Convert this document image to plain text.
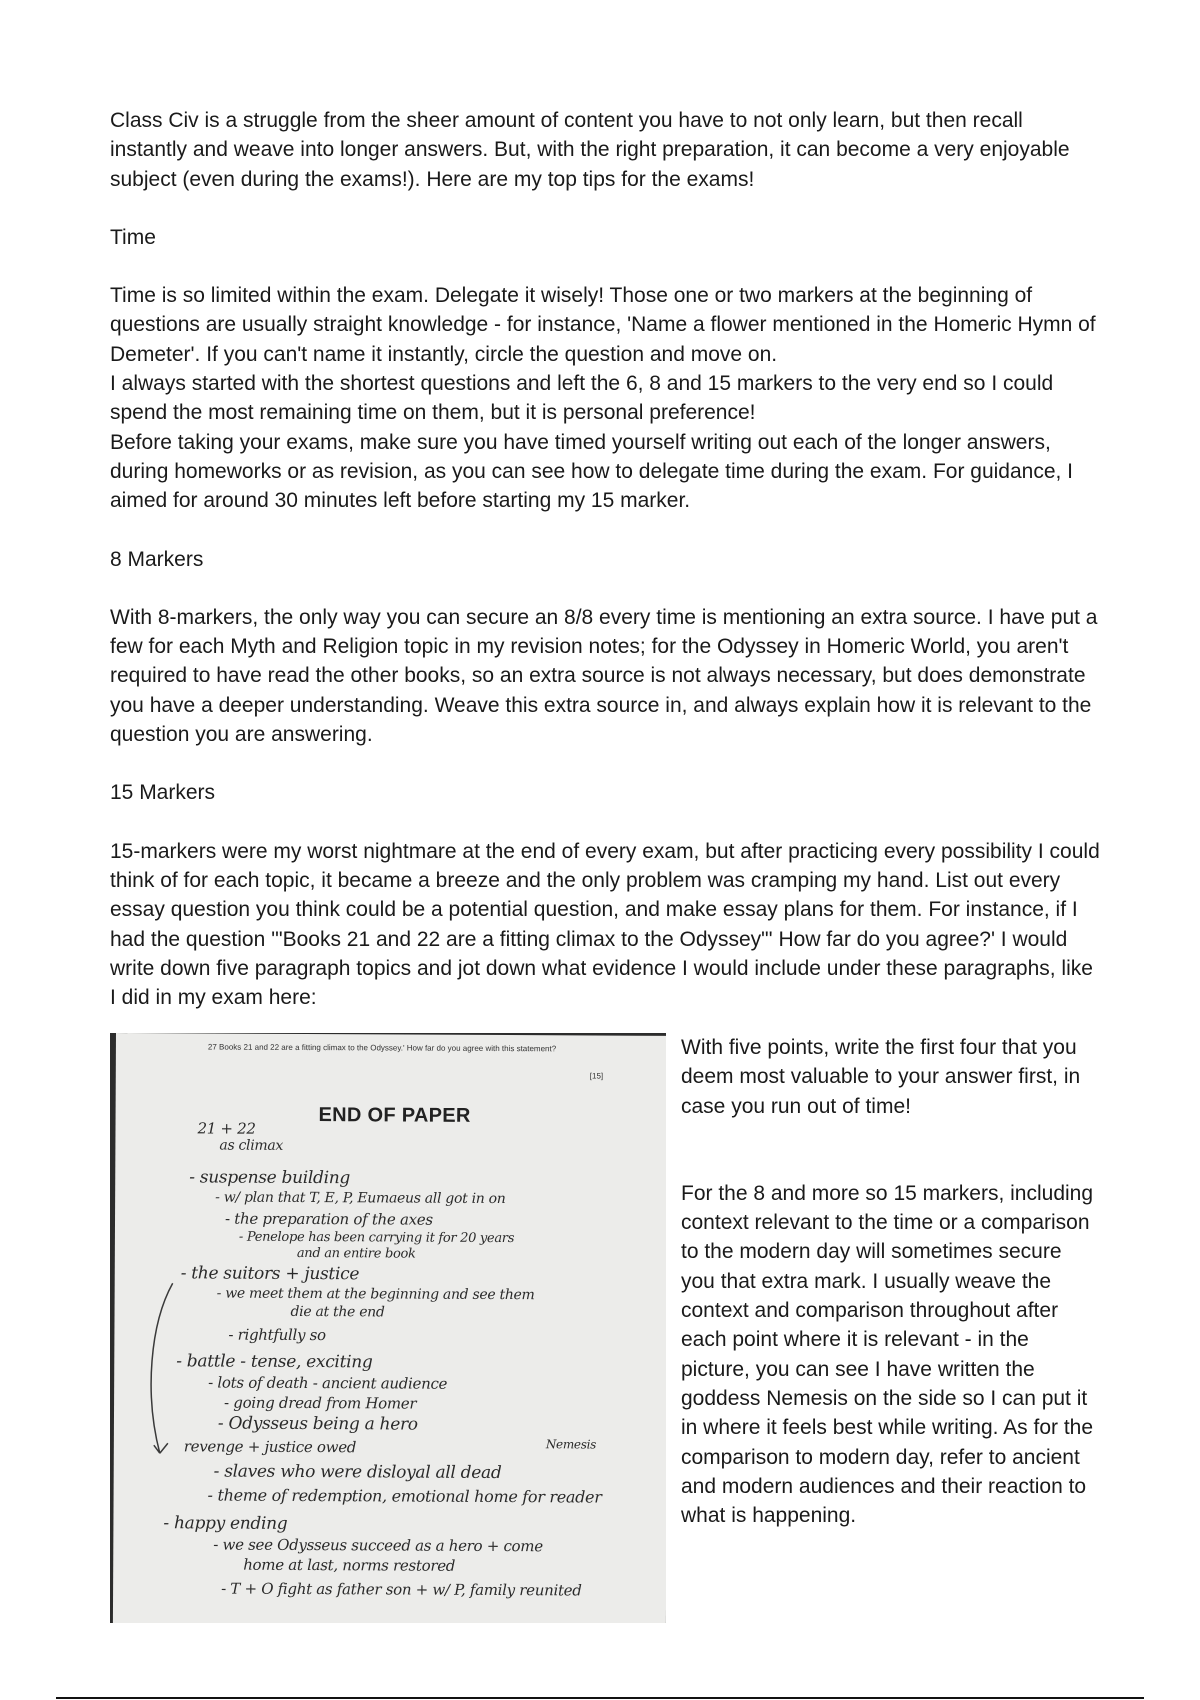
Class Civ is a struggle from the sheer amount of content you have to not only learn, but then recall instantly and weave into longer answers. But, with the right preparation, it can become a very enjoyable subject (even during the exams!). Here are my top tips for the exams!

Time

Time is so limited within the exam. Delegate it wisely! Those one or two markers at the beginning of questions are usually straight knowledge - for instance, 'Name a flower mentioned in the Homeric Hymn of Demeter'. If you can't name it instantly, circle the question and move on.

I always started with the shortest questions and left the 6, 8 and 15 markers to the very end so I could spend the most remaining time on them, but it is personal preference!

Before taking your exams, make sure you have timed yourself writing out each of the longer answers, during homeworks or as revision, as you can see how to delegate time during the exam. For guidance, I aimed for around 30 minutes left before starting my 15 marker.

8 Markers

With 8-markers, the only way you can secure an 8/8 every time is mentioning an extra source. I have put a few for each Myth and Religion topic in my revision notes; for the Odyssey in Homeric World, you aren't required to have read the other books, so an extra source is not always necessary, but does demonstrate you have a deeper understanding. Weave this extra source in, and always explain how it is relevant to the question you are answering.

15 Markers

15-markers were my worst nightmare at the end of every exam, but after practicing every possibility I could think of for each topic, it became a breeze and the only problem was cramping my hand. List out every essay question you think could be a potential question, and make essay plans for them. For instance, if I had the question '"Books 21 and 22 are a fitting climax to the Odyssey"' How far do you agree?' I would write down five paragraph topics and jot down what evidence I would include under these paragraphs, like I did in my exam here:

27 Books 21 and 22 are a fitting climax to the Odyssey.' How far do you agree with this statement?
[15]
END OF PAPER
21 + 22
as climax
- suspense building
- w/ plan that T, E, P, Eumaeus all got in on
- the preparation of the axes
- Penelope has been carrying it for 20 years
and an entire book
- the suitors + justice
- we meet them at the beginning and see them
die at the end
- rightfully so
- battle - tense, exciting
- lots of death - ancient audience
- going dread from Homer
- Odysseus being a hero
revenge + justice owed	Nemesis
- slaves who were disloyal all dead
- theme of redemption, emotional home for reader
- happy ending
- we see Odysseus succeed as a hero + come
home at last, norms restored
- T + O fight as father son + w/ P, family reunited

With five points, write the first four that you deem most valuable to your answer first, in case you run out of time!

For the 8 and more so 15 markers, including context relevant to the time or a comparison to the modern day will sometimes secure you that extra mark. I usually weave the context and comparison throughout after each point where it is relevant - in the picture, you can see I have written the goddess Nemesis on the side so I can put it in where it feels best while writing. As for the comparison to modern day, refer to ancient and modern audiences and their reaction to what is happening.
